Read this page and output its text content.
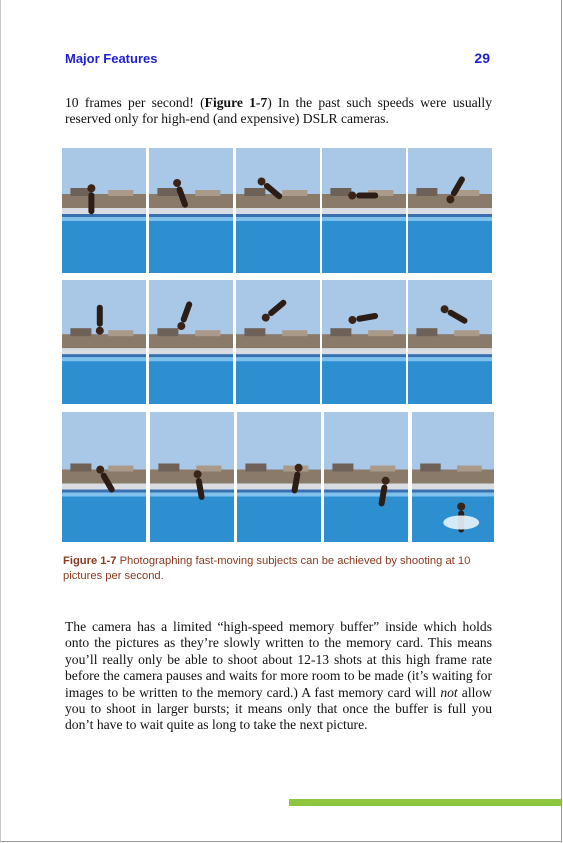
Major Features	29
10 frames per second! (Figure 1-7) In the past such speeds were usually reserved only for high-end (and expensive) DSLR cameras.
Figure 1-7 Photographing fast-moving subjects can be achieved by shooting at 10 pictures per second.
The camera has a limited “high-speed memory buffer” inside which holds onto the pictures as they’re slowly written to the memory card. This means you’ll really only be able to shoot about 12-13 shots at this high frame rate before the camera pauses and waits for more room to be made (it’s waiting for images to be written to the memory card.) A fast memory card will not allow you to shoot in larger bursts; it means only that once the buffer is full you don’t have to wait quite as long to take the next picture.
